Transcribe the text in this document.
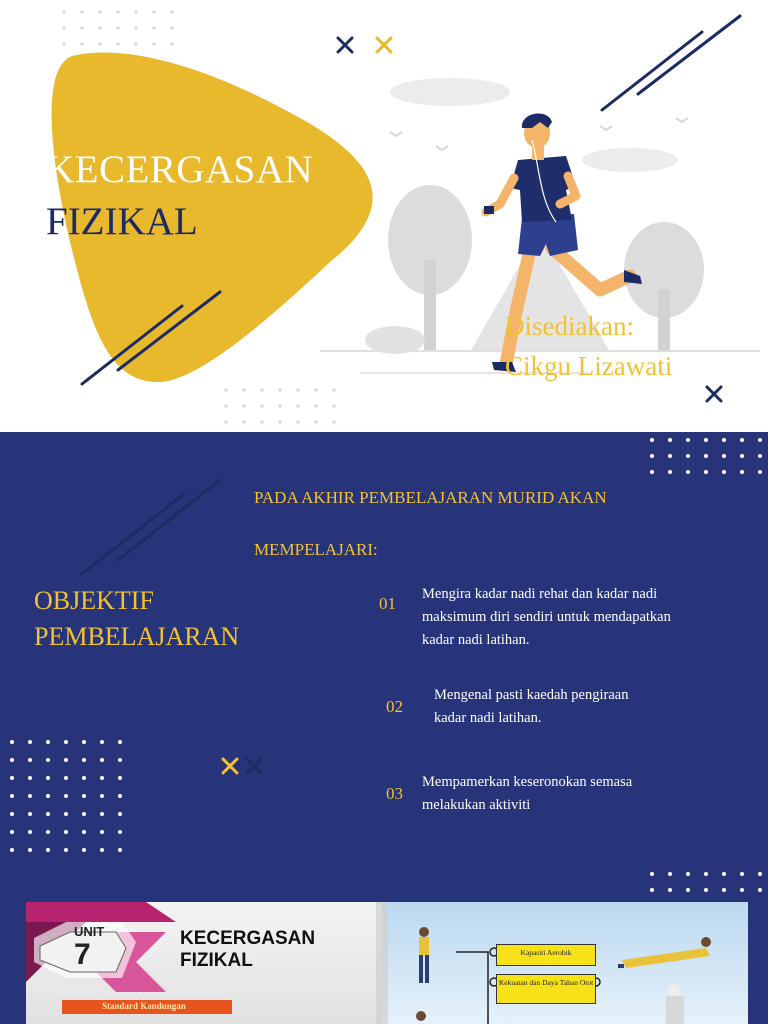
KECERGASAN
FIZIKAL
Disediakan:
Cikgu Lizawati
PADA AKHIR PEMBELAJARAN MURID AKAN
MEMPELAJARI:
OBJEKTIF
PEMBELAJARAN
01 Mengira kadar nadi rehat dan kadar nadi
maksimum diri sendiri untuk mendapatkan
kadar nadi latihan.
02
Mengenal pasti kaedah pengiraan
kadar nadi latihan.
03
Mempamerkan keseronokan semasa
melakukan aktiviti
UNIT
7	KECERGASAN
FIZIKAL
Standard Kandungan
Kapasiti Aerobik
Kekuatan dan Daya Tahan Otot
